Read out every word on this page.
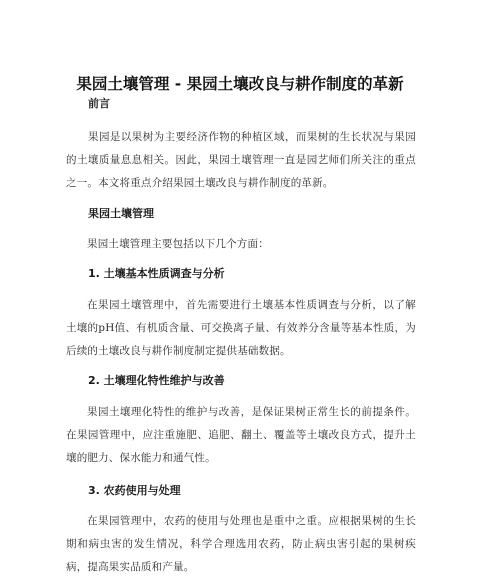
果园土壤管理 - 果园土壤改良与耕作制度的革新
前言
果园是以果树为主要经济作物的种植区域，而果树的生长状况与果园的土壤质量息息相关。因此，果园土壤管理一直是园艺师们所关注的重点之一。本文将重点介绍果园土壤改良与耕作制度的革新。
果园土壤管理
果园土壤管理主要包括以下几个方面：
1. 土壤基本性质调查与分析
在果园土壤管理中，首先需要进行土壤基本性质调查与分析，以了解土壤的pH值、有机质含量、可交换离子量、有效养分含量等基本性质，为后续的土壤改良与耕作制度制定提供基础数据。
2. 土壤理化特性维护与改善
果园土壤理化特性的维护与改善，是保证果树正常生长的前提条件。在果园管理中，应注重施肥、追肥、翻土、覆盖等土壤改良方式，提升土壤的肥力、保水能力和通气性。
3. 农药使用与处理
在果园管理中，农药的使用与处理也是重中之重。应根据果树的生长期和病虫害的发生情况，科学合理选用农药，防止病虫害引起的果树疾病，提高果实品质和产量。
